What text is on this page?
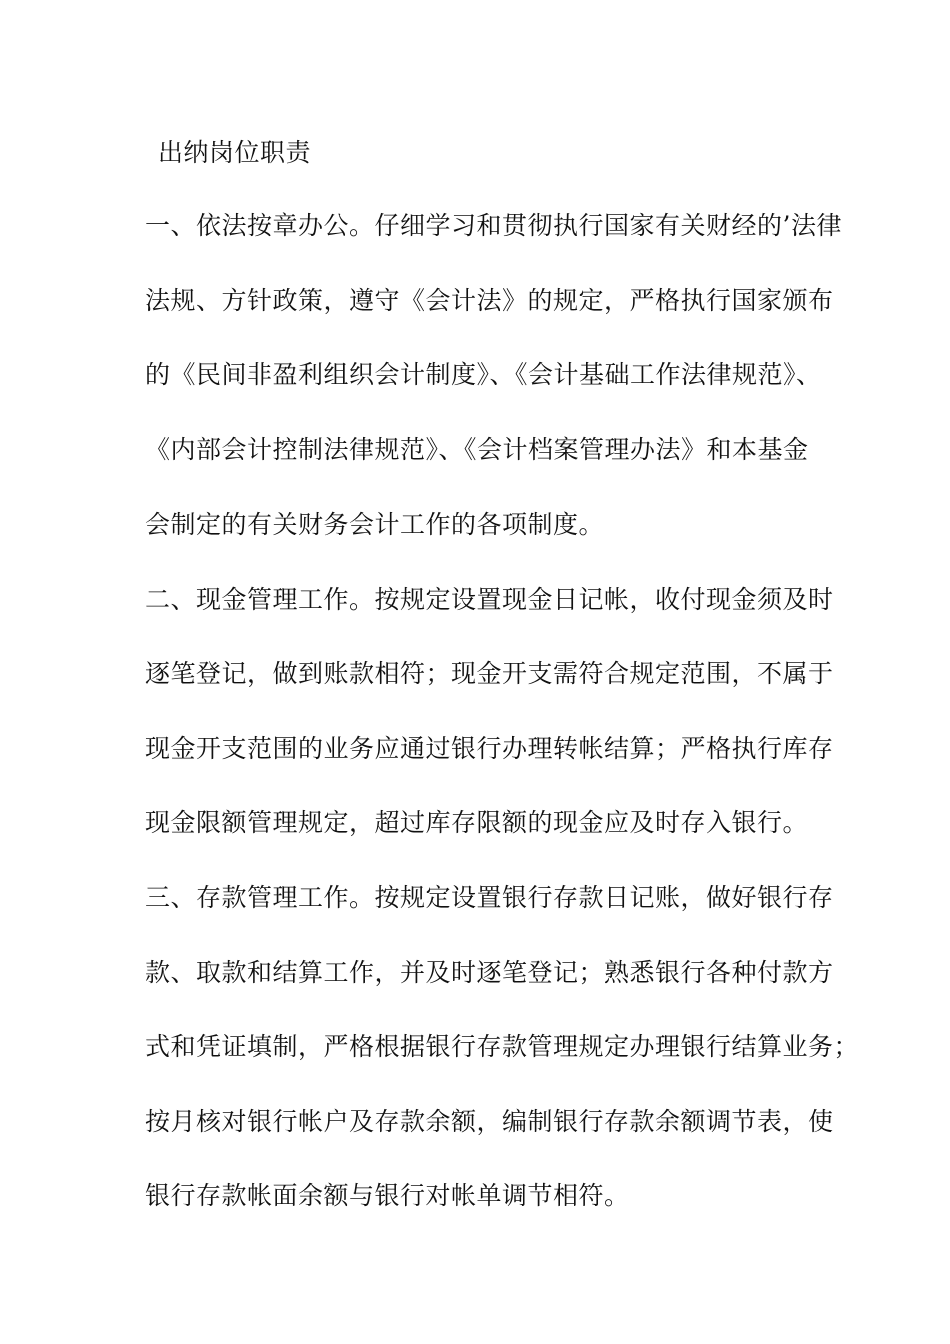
出纳岗位职责
一、依法按章办公。仔细学习和贯彻执行国家有关财经的’法律
法规、方针政策，遵守《会计法》的规定，严格执行国家颁布
的《民间非盈利组织会计制度》、《会计基础工作法律规范》、
《内部会计控制法律规范》、《会计档案管理办法》和本基金
会制定的有关财务会计工作的各项制度。
二、现金管理工作。按规定设置现金日记帐，收付现金须及时
逐笔登记，做到账款相符；现金开支需符合规定范围，不属于
现金开支范围的业务应通过银行办理转帐结算；严格执行库存
现金限额管理规定，超过库存限额的现金应及时存入银行。
三、存款管理工作。按规定设置银行存款日记账，做好银行存
款、取款和结算工作，并及时逐笔登记；熟悉银行各种付款方
式和凭证填制，严格根据银行存款管理规定办理银行结算业务；
按月核对银行帐户及存款余额，编制银行存款余额调节表，使
银行存款帐面余额与银行对帐单调节相符。
